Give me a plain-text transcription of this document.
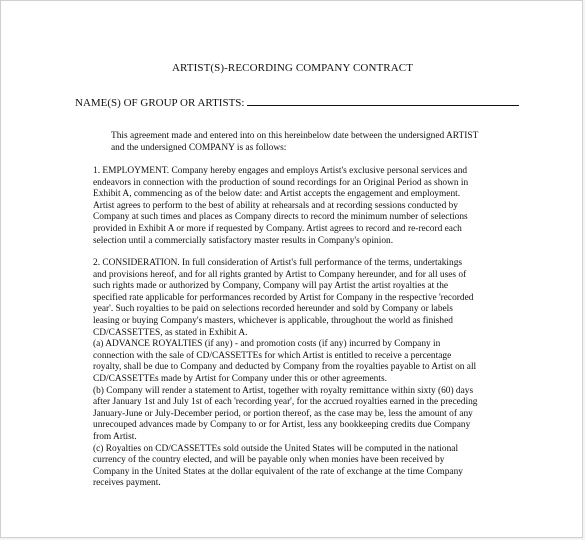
ARTIST(S)-RECORDING COMPANY CONTRACT
NAME(S) OF GROUP OR ARTISTS:
This agreement made and entered into on this hereinbelow date between the undersigned ARTIST
and the undersigned COMPANY is as follows:
1. EMPLOYMENT. Company hereby engages and employs Artist's exclusive personal services and
endeavors in connection with the production of sound recordings for an Original Period as shown in
Exhibit A, commencing as of the below date: and Artist accepts the engagement and employment.
Artist agrees to perform to the best of ability at rehearsals and at recording sessions conducted by
Company at such times and places as Company directs to record the minimum number of selections
provided in Exhibit A or more if requested by Company. Artist agrees to record and re-record each
selection until a commercially satisfactory master results in Company's opinion.
2. CONSIDERATION. In full consideration of Artist's full performance of the terms, undertakings
and provisions hereof, and for all rights granted by Artist to Company hereunder, and for all uses of
such rights made or authorized by Company, Company will pay Artist the artist royalties at the
specified rate applicable for performances recorded by Artist for Company in the respective 'recorded
year'. Such royalties to be paid on selections recorded hereunder and sold by Company or labels
leasing or buying Company's masters, whichever is applicable, throughout the world as finished
CD/CASSETTES, as stated in Exhibit A.
(a) ADVANCE ROYALTIES (if any) - and promotion costs (if any) incurred by Company in
connection with the sale of CD/CASSETTEs for which Artist is entitled to receive a percentage
royalty, shall be due to Company and deducted by Company from the royalties payable to Artist on all
CD/CASSETTEs made by Artist for Company under this or other agreements.
(b) Company will render a statement to Artist, together with royalty remittance within sixty (60) days
after January 1st and July 1st of each 'recording year', for the accrued royalties earned in the preceding
January-June or July-December period, or portion thereof, as the case may be, less the amount of any
unrecouped advances made by Company to or for Artist, less any bookkeeping credits due Company
from Artist.
(c) Royalties on CD/CASSETTEs sold outside the United States will be computed in the national
currency of the country elected, and will be payable only when monies have been received by
Company in the United States at the dollar equivalent of the rate of exchange at the time Company
receives payment.
